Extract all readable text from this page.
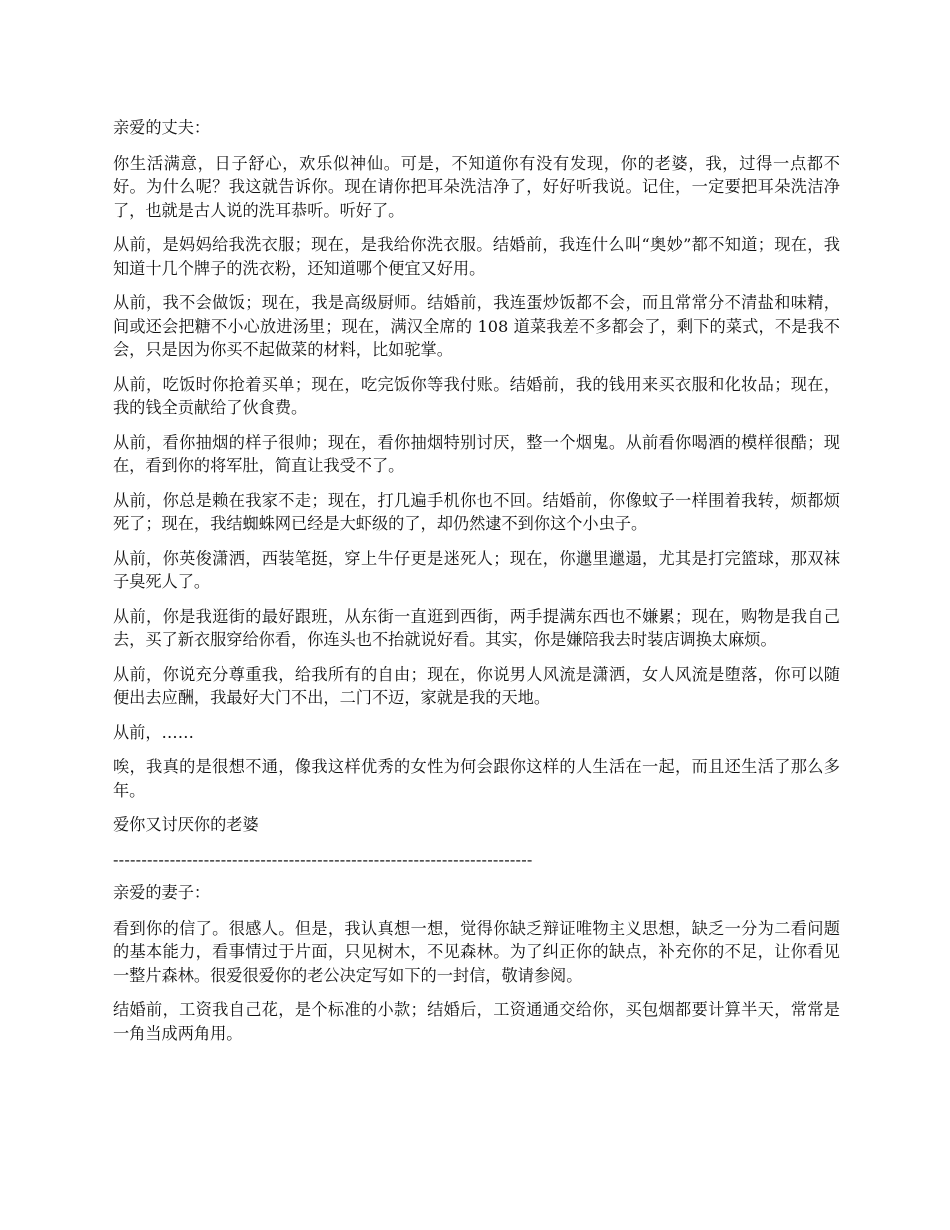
亲爱的丈夫：

你生活满意，日子舒心，欢乐似神仙。可是，不知道你有没有发现，你的老婆，我，过得一点都不好。为什么呢？我这就告诉你。现在请你把耳朵洗洁净了，好好听我说。记住，一定要把耳朵洗洁净了，也就是古人说的洗耳恭听。听好了。

从前，是妈妈给我洗衣服；现在，是我给你洗衣服。结婚前，我连什么叫“奥妙”都不知道；现在，我知道十几个牌子的洗衣粉，还知道哪个便宜又好用。

从前，我不会做饭；现在，我是高级厨师。结婚前，我连蛋炒饭都不会，而且常常分不清盐和味精，间或还会把糖不小心放进汤里；现在，满汉全席的 108 道菜我差不多都会了，剩下的菜式，不是我不会，只是因为你买不起做菜的材料，比如驼掌。

从前，吃饭时你抢着买单；现在，吃完饭你等我付账。结婚前，我的钱用来买衣服和化妆品；现在，我的钱全贡献给了伙食费。

从前，看你抽烟的样子很帅；现在，看你抽烟特别讨厌，整一个烟鬼。从前看你喝酒的模样很酷；现在，看到你的将军肚，简直让我受不了。

从前，你总是赖在我家不走；现在，打几遍手机你也不回。结婚前，你像蚊子一样围着我转，烦都烦死了；现在，我结蜘蛛网已经是大虾级的了，却仍然逮不到你这个小虫子。

从前，你英俊潇洒，西装笔挺，穿上牛仔更是迷死人；现在，你邋里邋遢，尤其是打完篮球，那双袜子臭死人了。

从前，你是我逛街的最好跟班，从东街一直逛到西街，两手提满东西也不嫌累；现在，购物是我自己去，买了新衣服穿给你看，你连头也不抬就说好看。其实，你是嫌陪我去时装店调换太麻烦。

从前，你说充分尊重我，给我所有的自由；现在，你说男人风流是潇洒，女人风流是堕落，你可以随便出去应酬，我最好大门不出，二门不迈，家就是我的天地。

从前，……

唉，我真的是很想不通，像我这样优秀的女性为何会跟你这样的人生活在一起，而且还生活了那么多年。

爱你又讨厌你的老婆

--------------------------------------------------------------------------

亲爱的妻子：

看到你的信了。很感人。但是，我认真想一想，觉得你缺乏辩证唯物主义思想，缺乏一分为二看问题的基本能力，看事情过于片面，只见树木，不见森林。为了纠正你的缺点，补充你的不足，让你看见一整片森林。很爱很爱你的老公决定写如下的一封信，敬请参阅。

结婚前，工资我自己花，是个标准的小款；结婚后，工资通通交给你，买包烟都要计算半天，常常是一角当成两角用。
